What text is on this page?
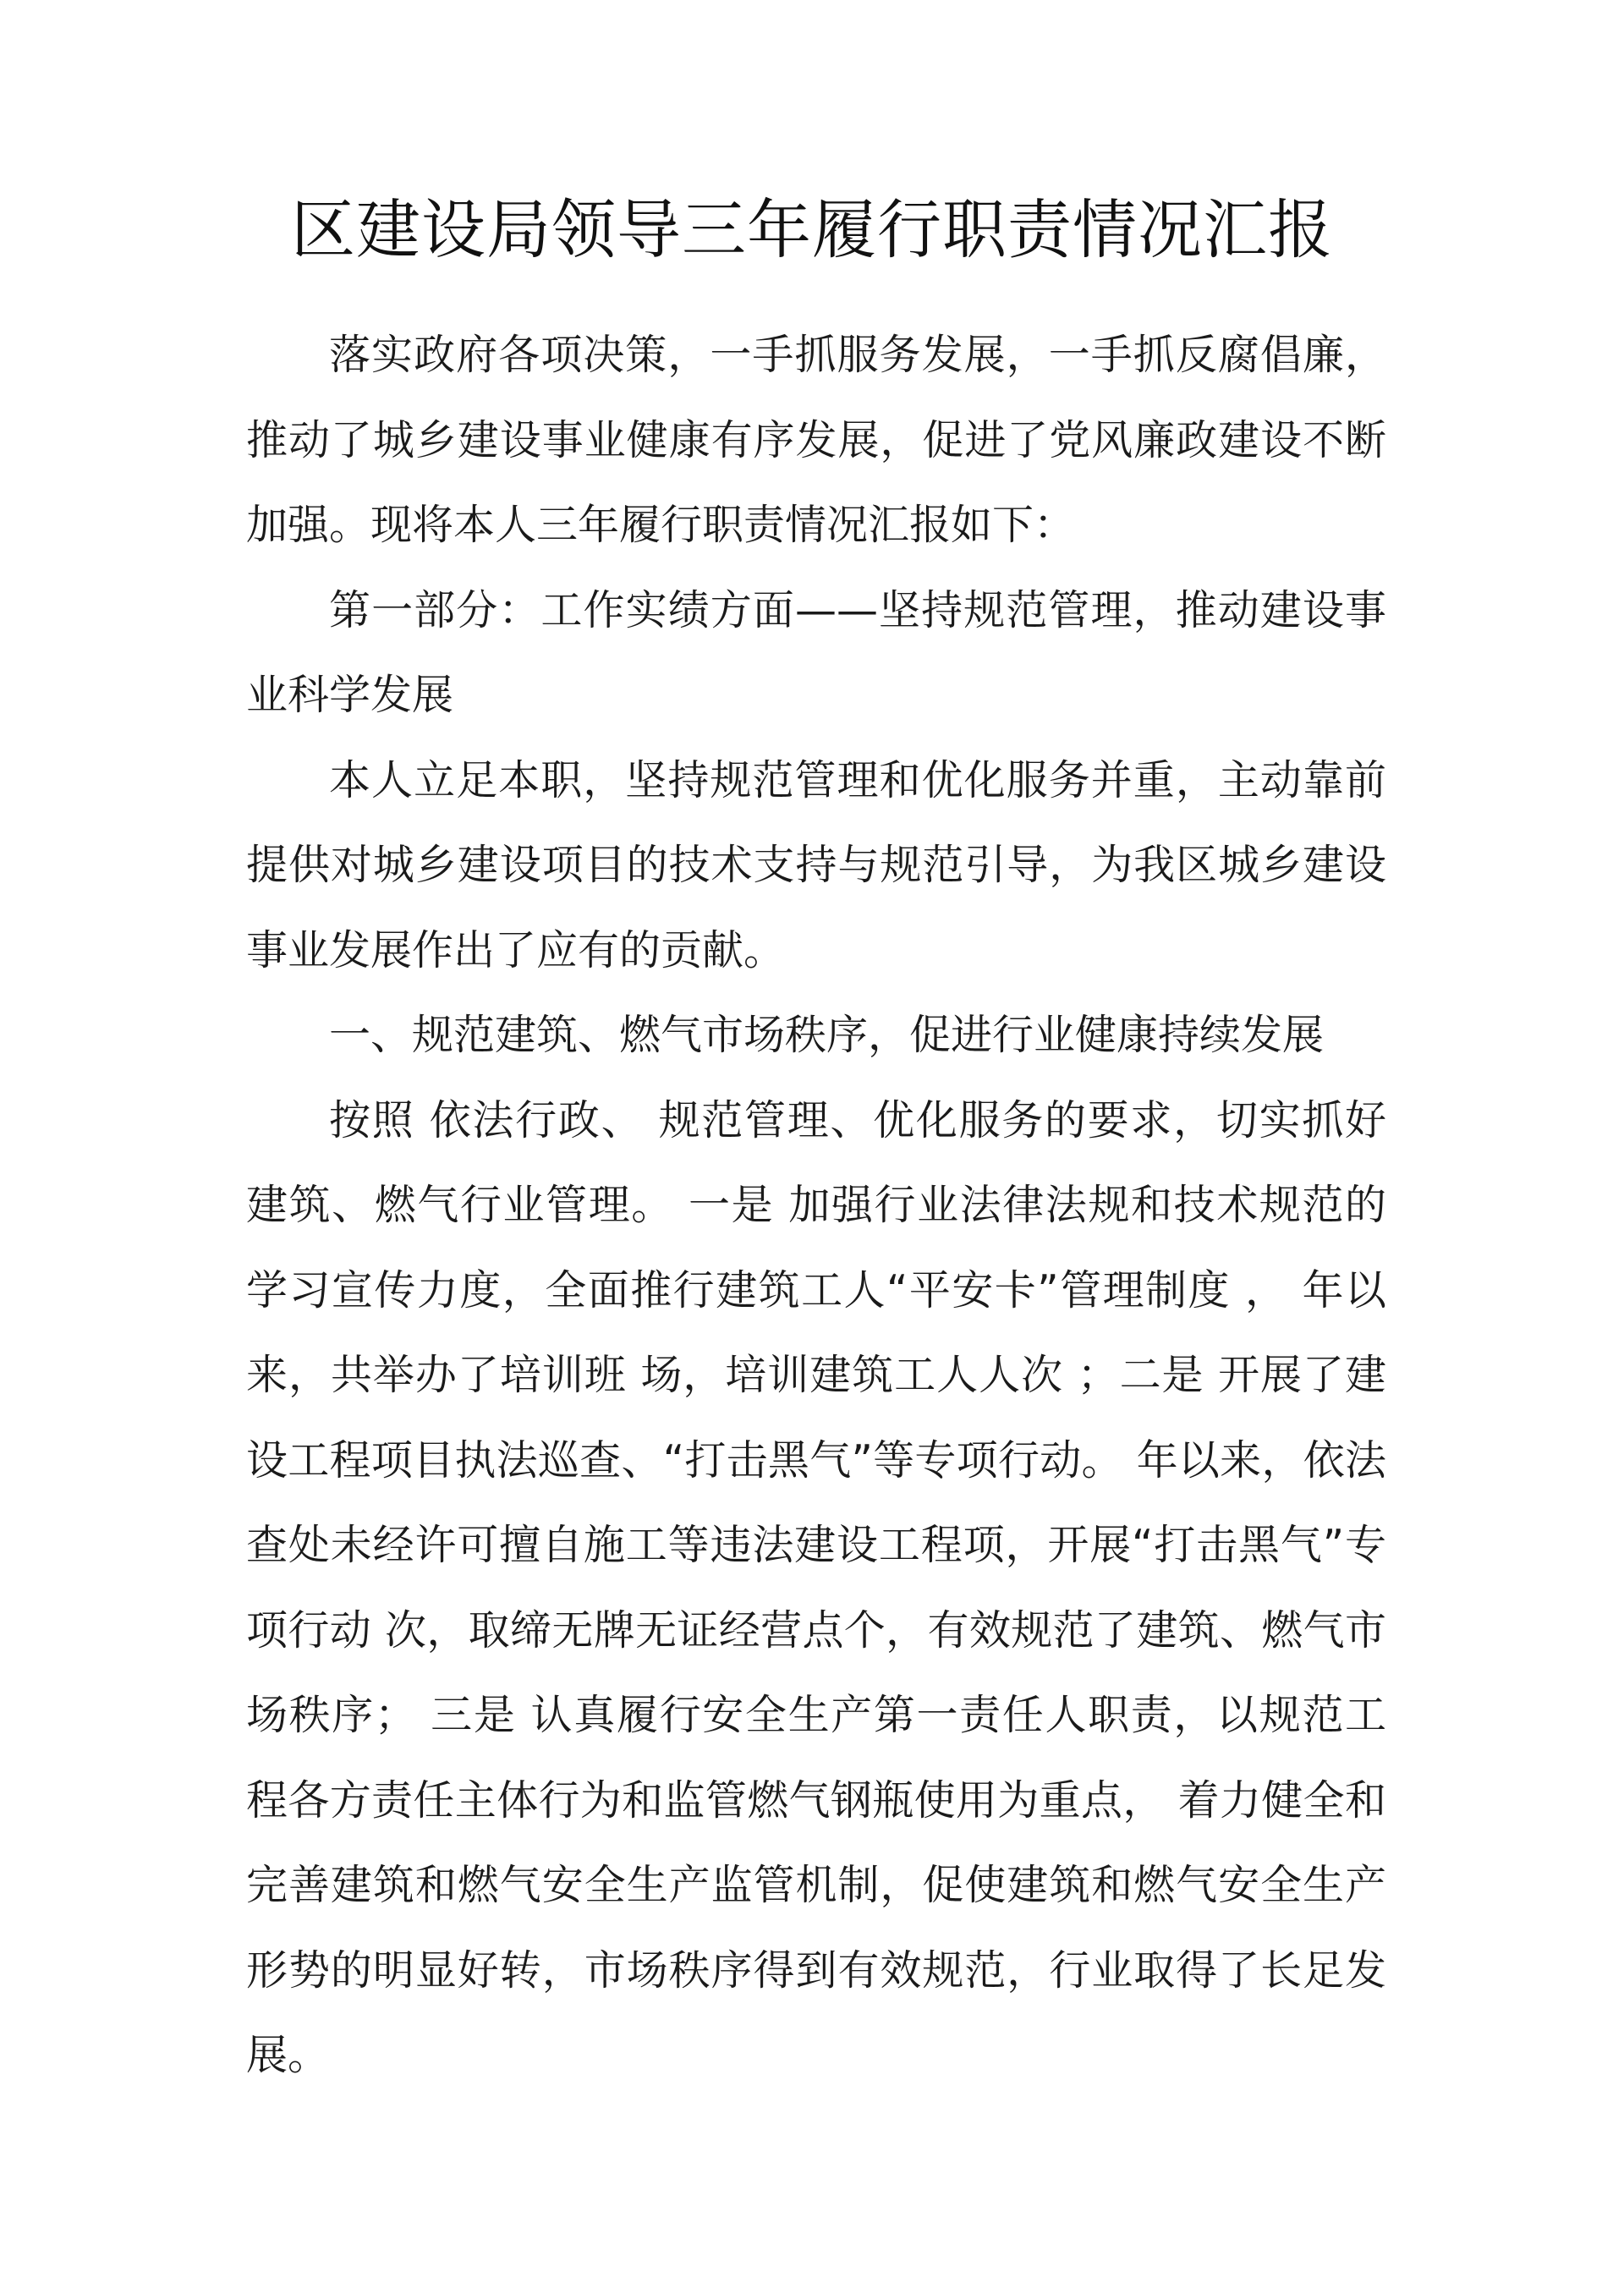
区建设局领导三年履行职责情况汇报

落实政府各项决策，一手抓服务发展，一手抓反腐倡廉，推动了城乡建设事业健康有序发展，促进了党风廉政建设不断加强。现将本人三年履行职责情况汇报如下：

第一部分：工作实绩方面——坚持规范管理，推动建设事业科学发展

本人立足本职，坚持规范管理和优化服务并重，主动靠前提供对城乡建设项目的技术支持与规范引导，为我区城乡建设事业发展作出了应有的贡献。

一、规范建筑、燃气市场秩序，促进行业健康持续发展

按照 依法行政、 规范管理、优化服务的要求，切实抓好建筑、燃气行业管理。 一是 加强行业法律法规和技术规范的学习宣传力度，全面推行建筑工人“平安卡”管理制度 ， 年以来，共举办了培训班 场，培训建筑工人人次 ；二是 开展了建设工程项目执法巡查、“打击黑气”等专项行动。 年以来，依法查处未经许可擅自施工等违法建设工程项，开展“打击黑气”专项行动 次，取缔无牌无证经营点个，有效规范了建筑、燃气市场秩序； 三是 认真履行安全生产第一责任人职责，以规范工程各方责任主体行为和监管燃气钢瓶使用为重点， 着力健全和完善建筑和燃气安全生产监管机制，促使建筑和燃气安全生产形势的明显好转，市场秩序得到有效规范，行业取得了长足发展。
